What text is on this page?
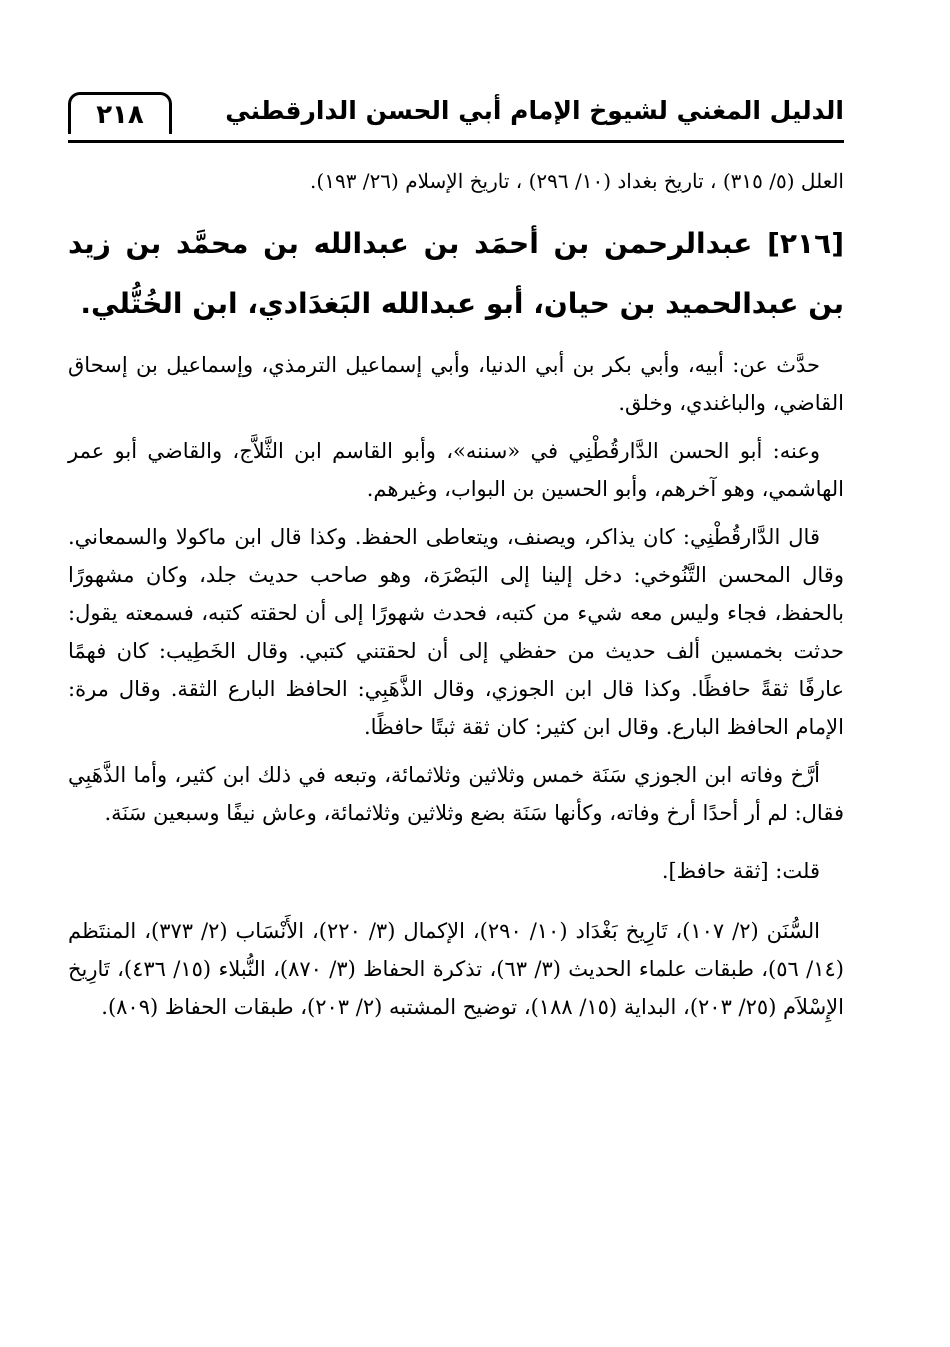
الدليل المغني لشيوخ الإمام أبي الحسن الدارقطني
٢١٨
العلل (٥/ ٣١٥) ، تاريخ بغداد (١٠/ ٢٩٦) ، تاريخ الإسلام (٢٦/ ١٩٣).
[٢١٦] عبدالرحمن بن أحمَد بن عبدالله بن محمَّد بن زيد بن عبدالحميد بن حيان، أبو عبدالله البَغدَادي، ابن الخُتُّلي.

حدَّث عن: أبيه، وأبي بكر بن أبي الدنيا، وأبي إسماعيل الترمذي، وإسماعيل بن إسحاق القاضي، والباغندي، وخلق.

وعنه: أبو الحسن الدَّارقُطْنِي في «سننه»، وأبو القاسم ابن الثَّلاَّج، والقاضي أبو عمر الهاشمي، وهو آخرهم، وأبو الحسين بن البواب، وغيرهم.

قال الدَّارقُطْنِي: كان يذاكر، ويصنف، ويتعاطى الحفظ. وكذا قال ابن ماكولا والسمعاني. وقال المحسن التَّنُوخي: دخل إلينا إلى البَصْرَة، وهو صاحب حديث جلد، وكان مشهورًا بالحفظ، فجاء وليس معه شيء من كتبه، فحدث شهورًا إلى أن لحقته كتبه، فسمعته يقول: حدثت بخمسين ألف حديث من حفظي إلى أن لحقتني كتبي. وقال الخَطِيب: كان فهمًا عارفًا ثقةً حافظًا. وكذا قال ابن الجوزي، وقال الذَّهَبِي: الحافظ البارع الثقة. وقال مرة: الإمام الحافظ البارع. وقال ابن كثير: كان ثقة ثبتًا حافظًا.

أرَّخ وفاته ابن الجوزي سَنَة خمس وثلاثين وثلاثمائة، وتبعه في ذلك ابن كثير، وأما الذَّهَبِي فقال: لم أر أحدًا أرخ وفاته، وكأنها سَنَة بضع وثلاثين وثلاثمائة، وعاش نيفًا وسبعين سَنَة.

قلت: [ثقة حافظ].

السُّنَن (٢/ ١٠٧)، تَارِيخ بَغْدَاد (١٠/ ٢٩٠)، الإكمال (٣/ ٢٢٠)، الأَنْسَاب (٢/ ٣٧٣)، المنتَظم (١٤/ ٥٦)، طبقات علماء الحديث (٣/ ٦٣)، تذكرة الحفاظ (٣/ ٨٧٠)، النُّبلاء (١٥/ ٤٣٦)، تَارِيخ الإِسْلاَم (٢٥/ ٢٠٣)، البداية (١٥/ ١٨٨)، توضيح المشتبه (٢/ ٢٠٣)، طبقات الحفاظ (٨٠٩).
